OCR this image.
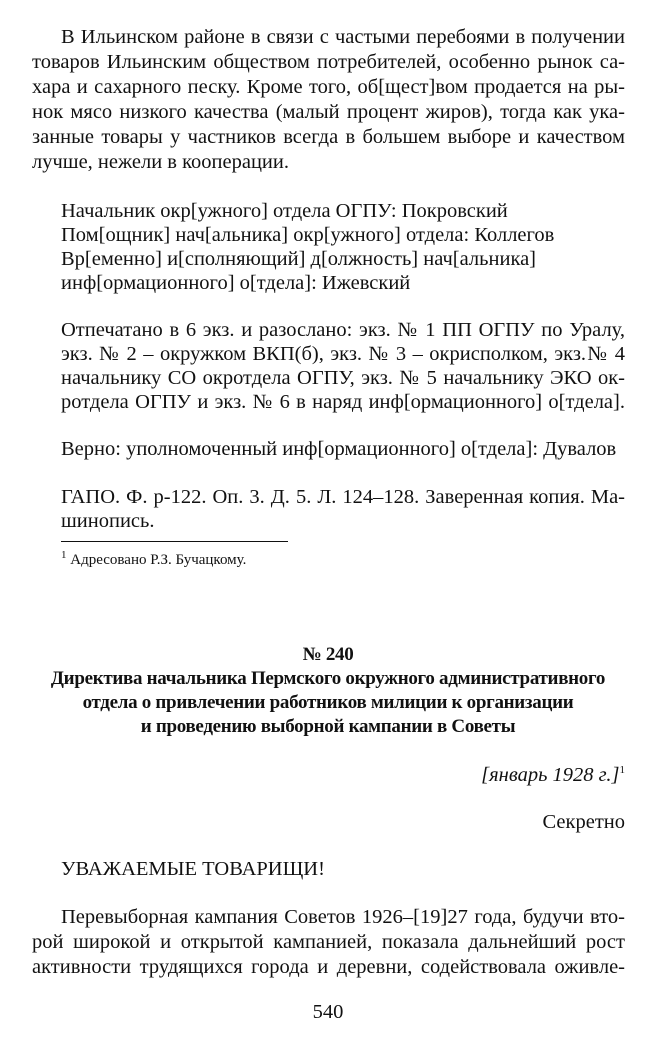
В Ильинском районе в связи с частыми перебоями в получении
товаров Ильинским обществом потребителей, особенно рынок са-
хара и сахарного песку. Кроме того, об[щест]вом продается на ры-
нок мясо низкого качества (малый процент жиров), тогда как ука-
занные товары у частников всегда в большем выборе и качеством
лучше, нежели в кооперации.
Начальник окр[ужного] отдела ОГПУ: Покровский
Пом[ощник] нач[альника] окр[ужного] отдела: Коллегов
Вр[еменно] и[сполняющий] д[олжность] нач[альника]
инф[ормационного] о[тдела]: Ижевский
Отпечатано в 6 экз. и разослано: экз. № 1 ПП ОГПУ по Уралу,
экз. № 2 – окружком ВКП(б), экз. № 3 – окрисполком, экз.№ 4
начальнику СО окротдела ОГПУ, экз. № 5 начальнику ЭКО ок-
ротдела ОГПУ и экз. № 6 в наряд инф[ормационного] о[тдела].
Верно: уполномоченный инф[ормационного] о[тдела]: Дувалов
ГАПО. Ф. р-122. Оп. 3. Д. 5. Л. 124–128. Заверенная копия. Ма-
шинопись.
$^1$ Адресовано Р.З. Бучацкому.
№ 240
Директива начальника Пермского окружного административного
отдела о привлечении работников милиции к организации
и проведению выборной кампании в Советы
[январь 1928 г.]$^1$
Секретно
УВАЖАЕМЫЕ ТОВАРИЩИ!
Перевыборная кампания Советов 1926–[19]27 года, будучи вто-
рой широкой и открытой кампанией, показала дальнейший рост
активности трудящихся города и деревни, содействовала оживле-
540
